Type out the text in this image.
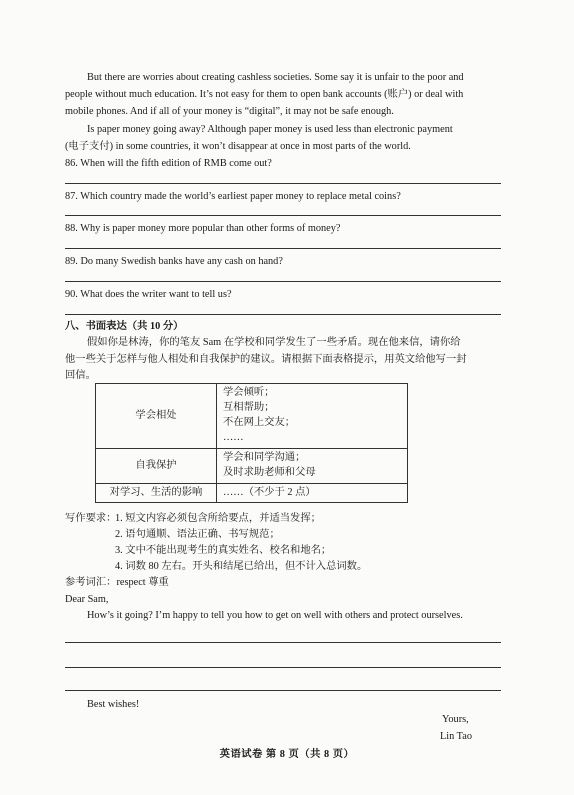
But there are worries about creating cashless societies. Some say it is unfair to the poor and
people without much education. It’s not easy for them to open bank accounts (账户) or deal with
mobile phones. And if all of your money is “digital”, it may not be safe enough.
Is paper money going away? Although paper money is used less than electronic payment
(电子支付) in some countries, it won’t disappear at once in most parts of the world.
86. When will the fifth edition of RMB come out?
87. Which country made the world’s earliest paper money to replace metal coins?
88. Why is paper money more popular than other forms of money?
89. Do many Swedish banks have any cash on hand?
90. What does the writer want to tell us?
八、书面表达（共 10 分）
假如你是林涛，你的笔友 Sam 在学校和同学发生了一些矛盾。现在他来信，请你给
他一些关于怎样与他人相处和自我保护的建议。请根据下面表格提示，用英文给他写一封
回信。
学会相处	学会倾听；
互相帮助；
不在网上交友；
……

自我保护	学会和同学沟通；
及时求助老师和父母

对学习、生活的影响	……（不少于 2 点）
写作要求：
1. 短文内容必须包含所给要点，并适当发挥；
2. 语句通顺、语法正确、书写规范；
3. 文中不能出现考生的真实姓名、校名和地名；
4. 词数 80 左右。开头和结尾已给出，但不计入总词数。
参考词汇：respect 尊重
Dear Sam,
How’s it going? I’m happy to tell you how to get on well with others and protect ourselves.
Best wishes!
Yours,
Lin Tao
英语试卷 第 8 页（共 8 页）
